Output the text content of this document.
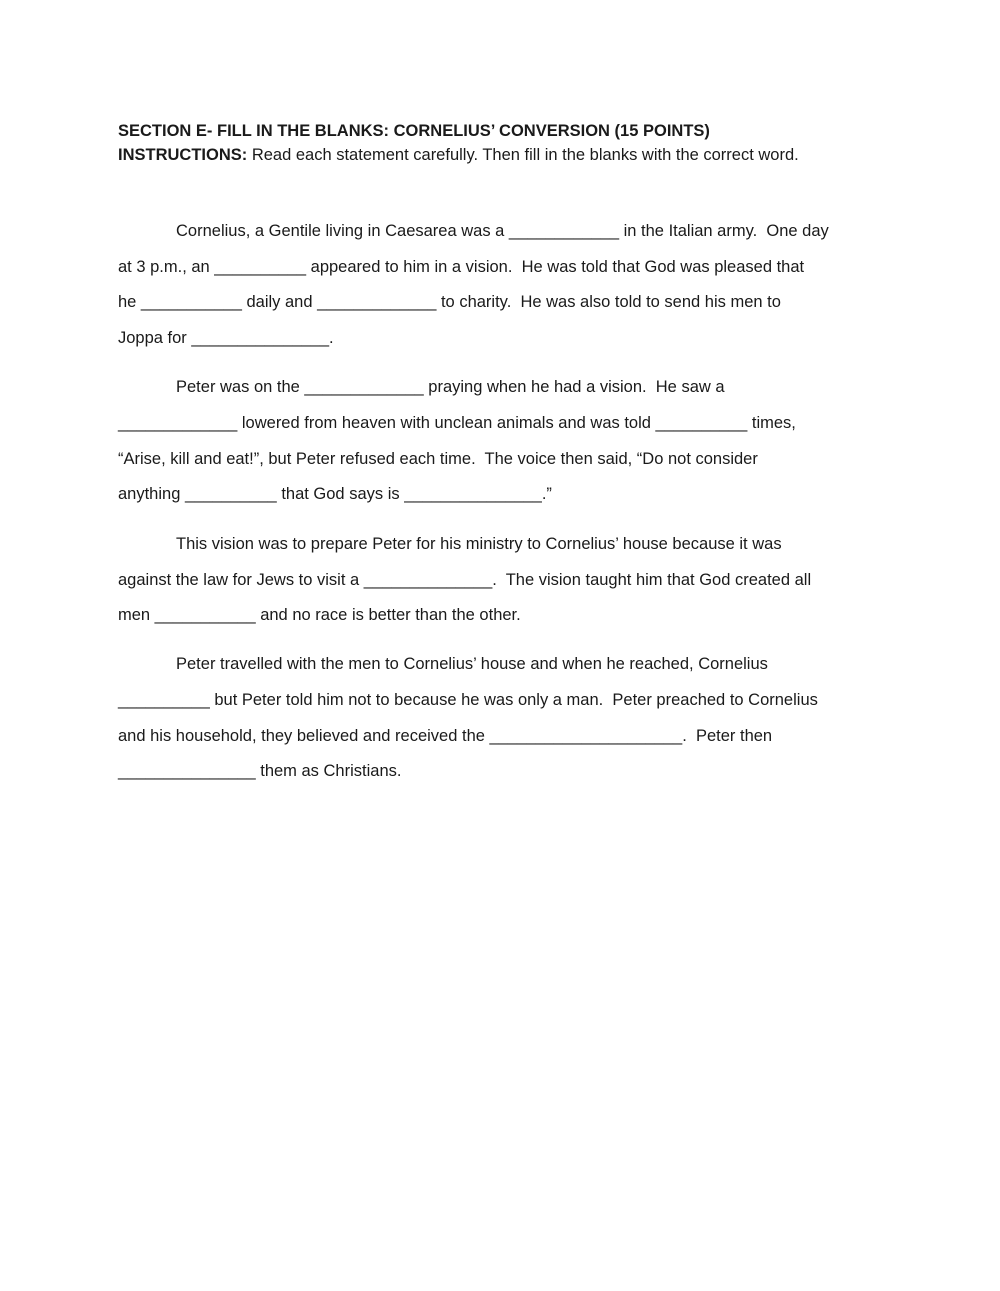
SECTION E- FILL IN THE BLANKS: CORNELIUS’ CONVERSION (15 POINTS)
INSTRUCTIONS: Read each statement carefully. Then fill in the blanks with the correct word.
Cornelius, a Gentile living in Caesarea was a ____________ in the Italian army.  One day
at 3 p.m., an __________ appeared to him in a vision.  He was told that God was pleased that
he ___________ daily and _____________ to charity.  He was also told to send his men to
Joppa for _______________.
Peter was on the _____________ praying when he had a vision.  He saw a
_____________ lowered from heaven with unclean animals and was told __________ times,
“Arise, kill and eat!”, but Peter refused each time.  The voice then said, “Do not consider
anything __________ that God says is _______________.”
This vision was to prepare Peter for his ministry to Cornelius’ house because it was
against the law for Jews to visit a ______________.  The vision taught him that God created all
men ___________ and no race is better than the other.
Peter travelled with the men to Cornelius’ house and when he reached, Cornelius
__________ but Peter told him not to because he was only a man.  Peter preached to Cornelius
and his household, they believed and received the _____________________.  Peter then
_______________ them as Christians.
